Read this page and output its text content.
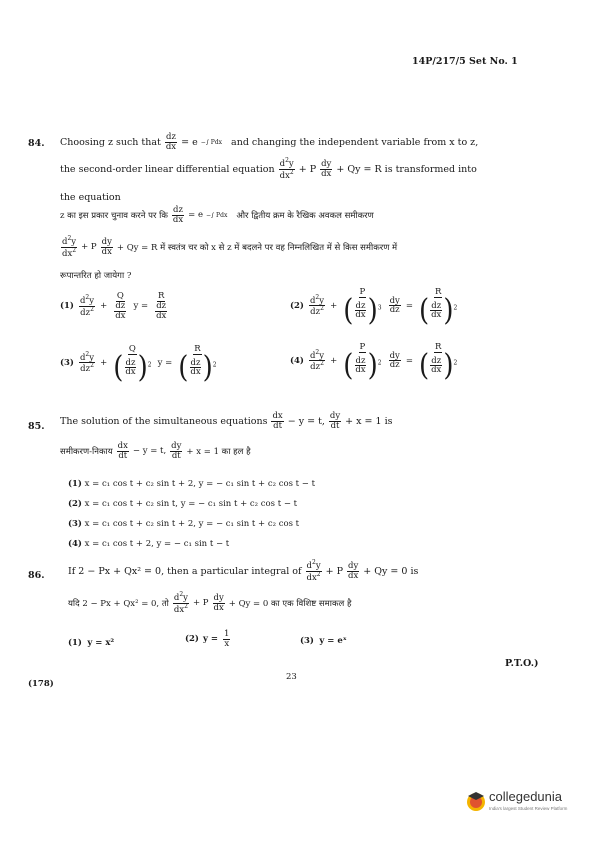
14P/217/5 Set No. 1
84. Choosing z such that $\frac{dz}{dx} = e$ −∫ Pdx and changing the independent variable from x to z,
the second-order linear differential equation $\frac{d^2y}{dx^2} + P \frac{dy}{dx} + Qy = R$ is transformed into
the equation
z का इस प्रकार चुनाव करने पर कि $\frac{dz}{dx} = e$ −∫ Pdx और द्वितीय क्रम के रैखिक अवकल समीकरण
$\frac{d^2y}{dx^2} + P \frac{dy}{dx} + Qy = R$ में स्वतंत्र चर को x से z में बदलने पर वह निम्नलिखित में से किस समीकरण में
रूपान्तरित हो जायेगा ?
$(1) \frac{d^2y}{dz^2} + \frac{Q}{\frac{dz}{dx}}$ $y = \frac{R}{\frac{dz}{dx}}$	$(2) \frac{d^2y}{dz^2} + \frac{P}{( \frac{dz}{dx} ) ^3} \frac{dy}{dz} = \frac{R}{( \frac{dz}{dx} ) ^2}$
$(3) \frac{d^2y}{dz^2} + \frac{Q}{( \frac{dz}{dx} ) ^2}$ $y = \frac{R}{( \frac{dz}{dx} ) ^2}$	$(4) \frac{d^2y}{dz^2} + \frac{P}{( \frac{dz}{dx} ) ^2} \frac{dy}{dz} = \frac{R}{( \frac{dz}{dx} ) ^2}$
85. The solution of the simultaneous equations $\frac{dx}{dt} - y = t$, $\frac{dy}{dt} + x = 1$ is
समीकरण-निकाय $\frac{dx}{dt} - y = t$, $\frac{dy}{dt} + x = 1$ का हल है
(1) x = c₁ cos t + c₂ sin t + 2, y = − c₁ sin t + c₂ cos t − t
(2) x = c₁ cos t + c₂ sin t, y = − c₁ sin t + c₂ cos t − t
(3) x = c₁ cos t + c₂ sin t + 2, y = − c₁ sin t + c₂ cos t
(4) x = c₁ cos t + 2, y = − c₁ sin t − t
86. If 2 − Px + Qx² = 0, then a particular integral of $\frac{d^2y}{dx^2} + P \frac{dy}{dx} + Qy = 0$ is
यदि 2 − Px + Qx² = 0, तो $\frac{d^2y}{dx^2} + P \frac{dy}{dx} + Qy = 0$ का एक विशिष्ट समाकल है
(1) y = x²	(2) $y = \frac{1}{x}$	(3) y = eˣ
P.T.O.)
23
(178)
collegedunia
India's largest Student Review Platform
